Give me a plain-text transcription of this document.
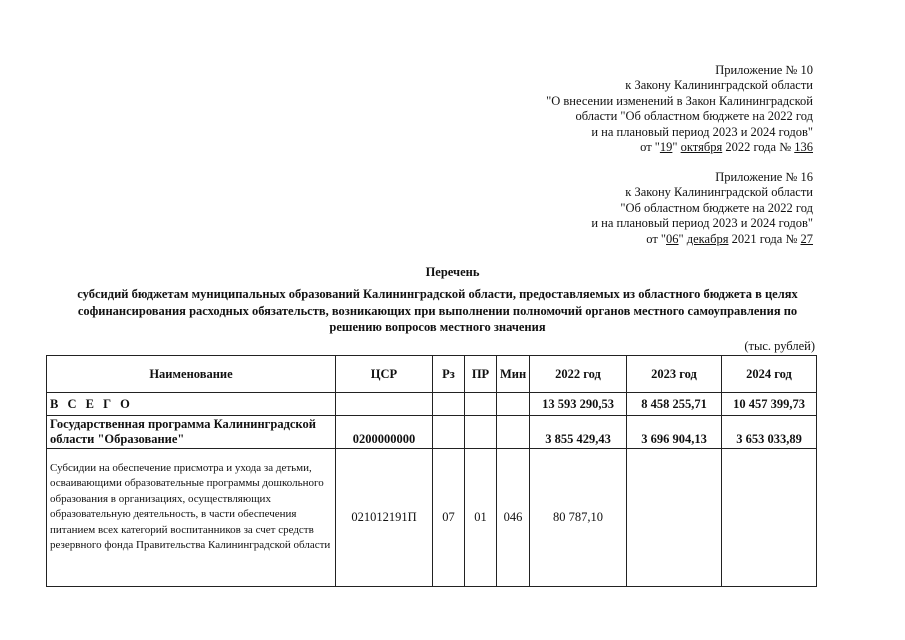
Приложение № 10
к Закону Калининградской области
"О внесении изменений в Закон Калининградской
области "Об областном бюджете на 2022 год
и на плановый период 2023 и 2024 годов"
от "19" октября 2022 года № 136
Приложение № 16
к Закону Калининградской области
"Об областном бюджете на 2022 год
и на плановый период 2023 и 2024 годов"
от "06" декабря 2021 года № 27
Перечень
субсидий бюджетам муниципальных образований Калининградской области, предоставляемых из областного бюджета в целях софинансирования расходных обязательств, возникающих при выполнении полномочий органов местного самоуправления по решению вопросов местного значения
(тыс. рублей)
Наименование	ЦСР	Рз	ПР	Мин	2022 год	2023 год	2024 год
В С Е Г О					13 593 290,53	8 458 255,71	10 457 399,73
Государственная программа Калининградской области "Образование"	0200000000				3 855 429,43	3 696 904,13	3 653 033,89
Субсидии на обеспечение присмотра и ухода за детьми, осваивающими образовательные программы дошкольного образования в организациях, осуществляющих образовательную деятельность, в части обеспечения питанием всех категорий воспитанников за счет средств резервного фонда Правительства Калининградской области	021012191П	07	01	046	80 787,10		
